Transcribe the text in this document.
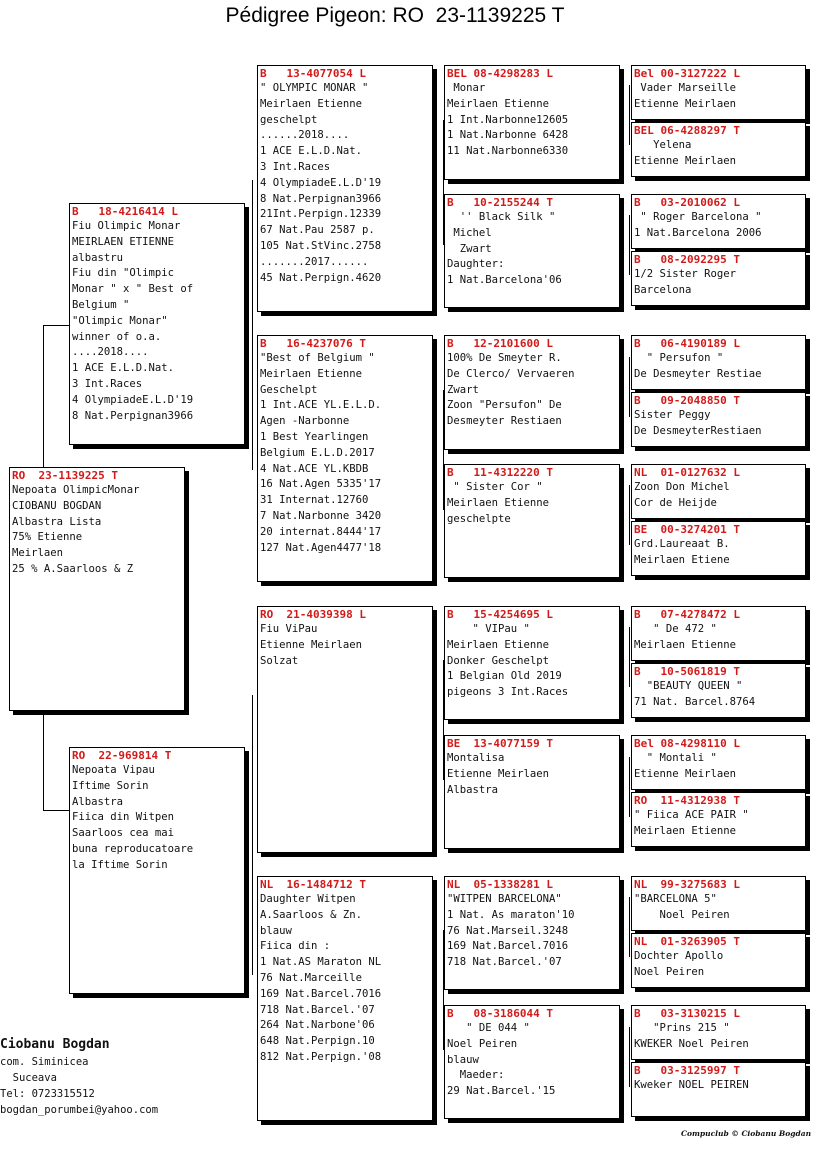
Pédigree Pigeon: RO  23-1139225 T
RO  23-1139225 T
Nepoata OlimpicMonar
CIOBANU BOGDAN
Albastra Lista
75% Etienne
Meirlaen
25 % A.Saarloos & Z
B   18-4216414 L
Fiu Olimpic Monar
MEIRLAEN ETIENNE
albastru
Fiu din "Olimpic
Monar " x " Best of
Belgium "
"Olimpic Monar"
winner of o.a.
....2018....
1 ACE E.L.D.Nat.
3 Int.Races
4 OlympiadeE.L.D'19
8 Nat.Perpignan3966
RO  22-969814 T
Nepoata Vipau
Iftime Sorin
Albastra
Fiica din Witpen
Saarloos cea mai
buna reproducatoare
la Iftime Sorin
B   13-4077054 L
" OLYMPIC MONAR "
Meirlaen Etienne
geschelpt
......2018....
1 ACE E.L.D.Nat.
3 Int.Races
4 OlympiadeE.L.D'19
8 Nat.Perpignan3966
21Int.Perpign.12339
67 Nat.Pau 2587 p.
105 Nat.StVinc.2758
.......2017......
45 Nat.Perpign.4620
B   16-4237076 T
"Best of Belgium "
Meirlaen Etienne
Geschelpt
1 Int.ACE YL.E.L.D.
Agen -Narbonne
1 Best Yearlingen
Belgium E.L.D.2017
4 Nat.ACE YL.KBDB
16 Nat.Agen 5335'17
31 Internat.12760
7 Nat.Narbonne 3420
20 internat.8444'17
127 Nat.Agen4477'18
RO  21-4039398 L
Fiu ViPau
Etienne Meirlaen
Solzat
NL  16-1484712 T
Daughter Witpen
A.Saarloos & Zn.
blauw
Fiica din :
1 Nat.AS Maraton NL
76 Nat.Marceille
169 Nat.Barcel.7016
718 Nat.Barcel.'07
264 Nat.Narbone'06
648 Nat.Perpign.10
812 Nat.Perpign.'08
BEL 08-4298283 L
Monar
Meirlaen Etienne
1 Int.Narbonne12605
1 Nat.Narbonne 6428
11 Nat.Narbonne6330
B   10-2155244 T
'' Black Silk "
Michel
Zwart
Daughter:
1 Nat.Barcelona'06
B   12-2101600 L
100% De Smeyter R.
De Clerco/ Vervaeren
Zwart
Zoon "Persufon" De
Desmeyter Restiaen
B   11-4312220 T
" Sister Cor "
Meirlaen Etienne
geschelpte
B   15-4254695 L
" VIPau "
Meirlaen Etienne
Donker Geschelpt
1 Belgian Old 2019
pigeons 3 Int.Races
BE  13-4077159 T
Montalisa
Etienne Meirlaen
Albastra
NL  05-1338281 L
"WITPEN BARCELONA"
1 Nat. As maraton'10
76 Nat.Marseil.3248
169 Nat.Barcel.7016
718 Nat.Barcel.'07
B   08-3186044 T
" DE 044 "
Noel Peiren
blauw
Maeder:
29 Nat.Barcel.'15
Bel 00-3127222 L
Vader Marseille
Etienne Meirlaen
BEL 06-4288297 T
Yelena
Etienne Meirlaen
B   03-2010062 L
" Roger Barcelona "
1 Nat.Barcelona 2006
B   08-2092295 T
1/2 Sister Roger
Barcelona
B   06-4190189 L
" Persufon "
De Desmeyter Restiae
B   09-2048850 T
Sister Peggy
De DesmeyterRestiaen
NL  01-0127632 L
Zoon Don Michel
Cor de Heijde
BE  00-3274201 T
Grd.Laureaat B.
Meirlaen Etiene
B   07-4278472 L
" De 472 "
Meirlaen Etienne
B   10-5061819 T
"BEAUTY QUEEN "
71 Nat. Barcel.8764
Bel 08-4298110 L
" Montali "
Etienne Meirlaen
RO  11-4312938 T
" Fiica ACE PAIR "
Meirlaen Etienne
NL  99-3275683 L
"BARCELONA 5"
Noel Peiren
NL  01-3263905 T
Dochter Apollo
Noel Peiren
B   03-3130215 L
"Prins 215 "
KWEKER Noel Peiren
B   03-3125997 T
Kweker NOEL PEIREN
Ciobanu Bogdan
com. Siminicea
Suceava
Tel: 0723315512
bogdan_porumbei@yahoo.com
Compuclub © Ciobanu Bogdan
